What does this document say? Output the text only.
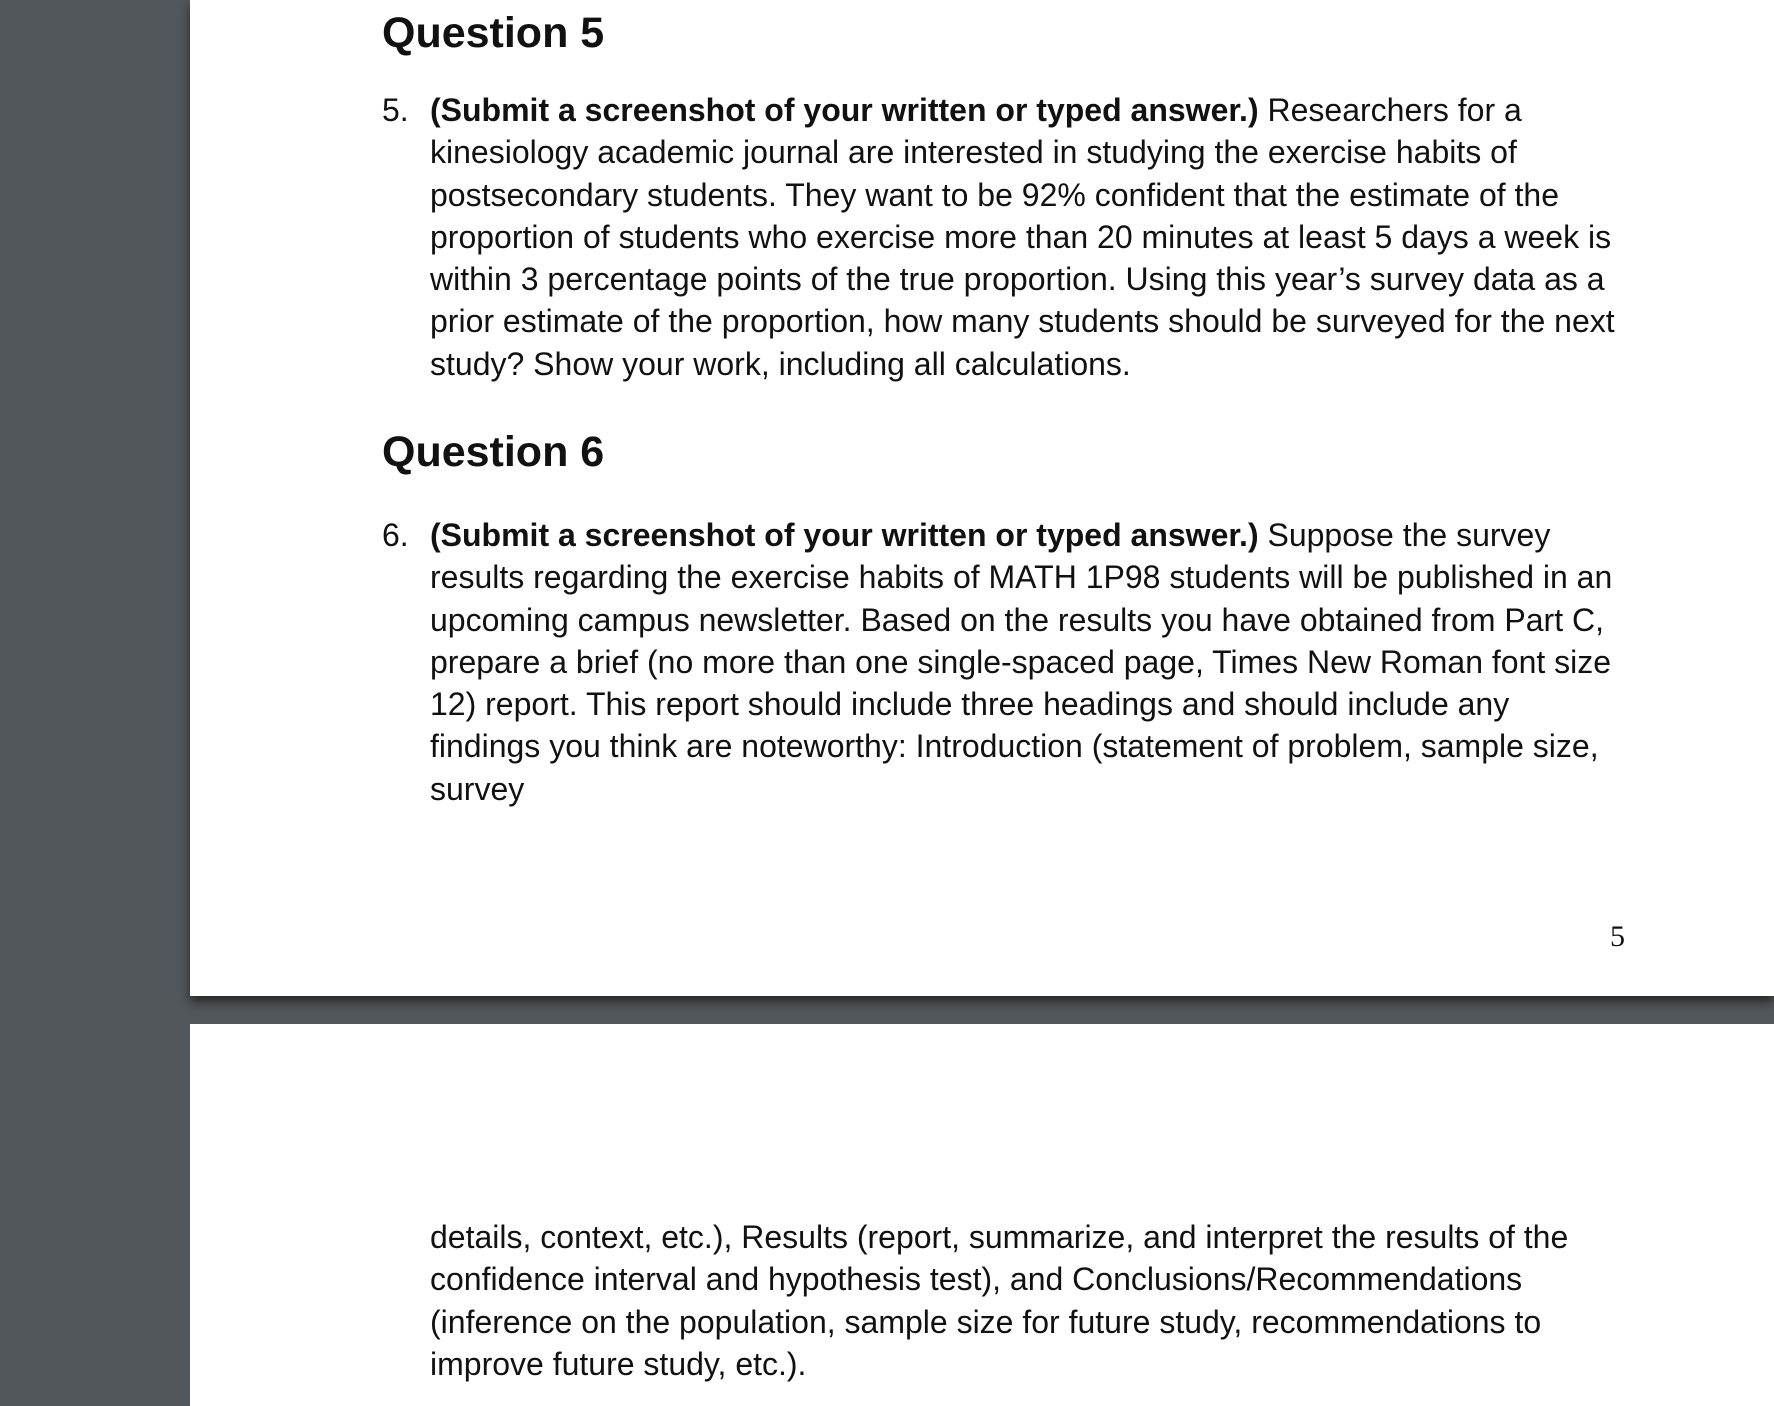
Question 5
5. (Submit a screenshot of your written or typed answer.) Researchers for a kinesiology academic journal are interested in studying the exercise habits of postsecondary students. They want to be 92% confident that the estimate of the proportion of students who exercise more than 20 minutes at least 5 days a week is within 3 percentage points of the true proportion. Using this year’s survey data as a prior estimate of the proportion, how many students should be surveyed for the next study? Show your work, including all calculations.
Question 6
6. (Submit a screenshot of your written or typed answer.) Suppose the survey results regarding the exercise habits of MATH 1P98 students will be published in an upcoming campus newsletter. Based on the results you have obtained from Part C, prepare a brief (no more than one single-spaced page, Times New Roman font size 12) report. This report should include three headings and should include any findings you think are noteworthy: Introduction (statement of problem, sample size, survey
5
details, context, etc.), Results (report, summarize, and interpret the results of the confidence interval and hypothesis test), and Conclusions/Recommendations (inference on the population, sample size for future study, recommendations to improve future study, etc.).
